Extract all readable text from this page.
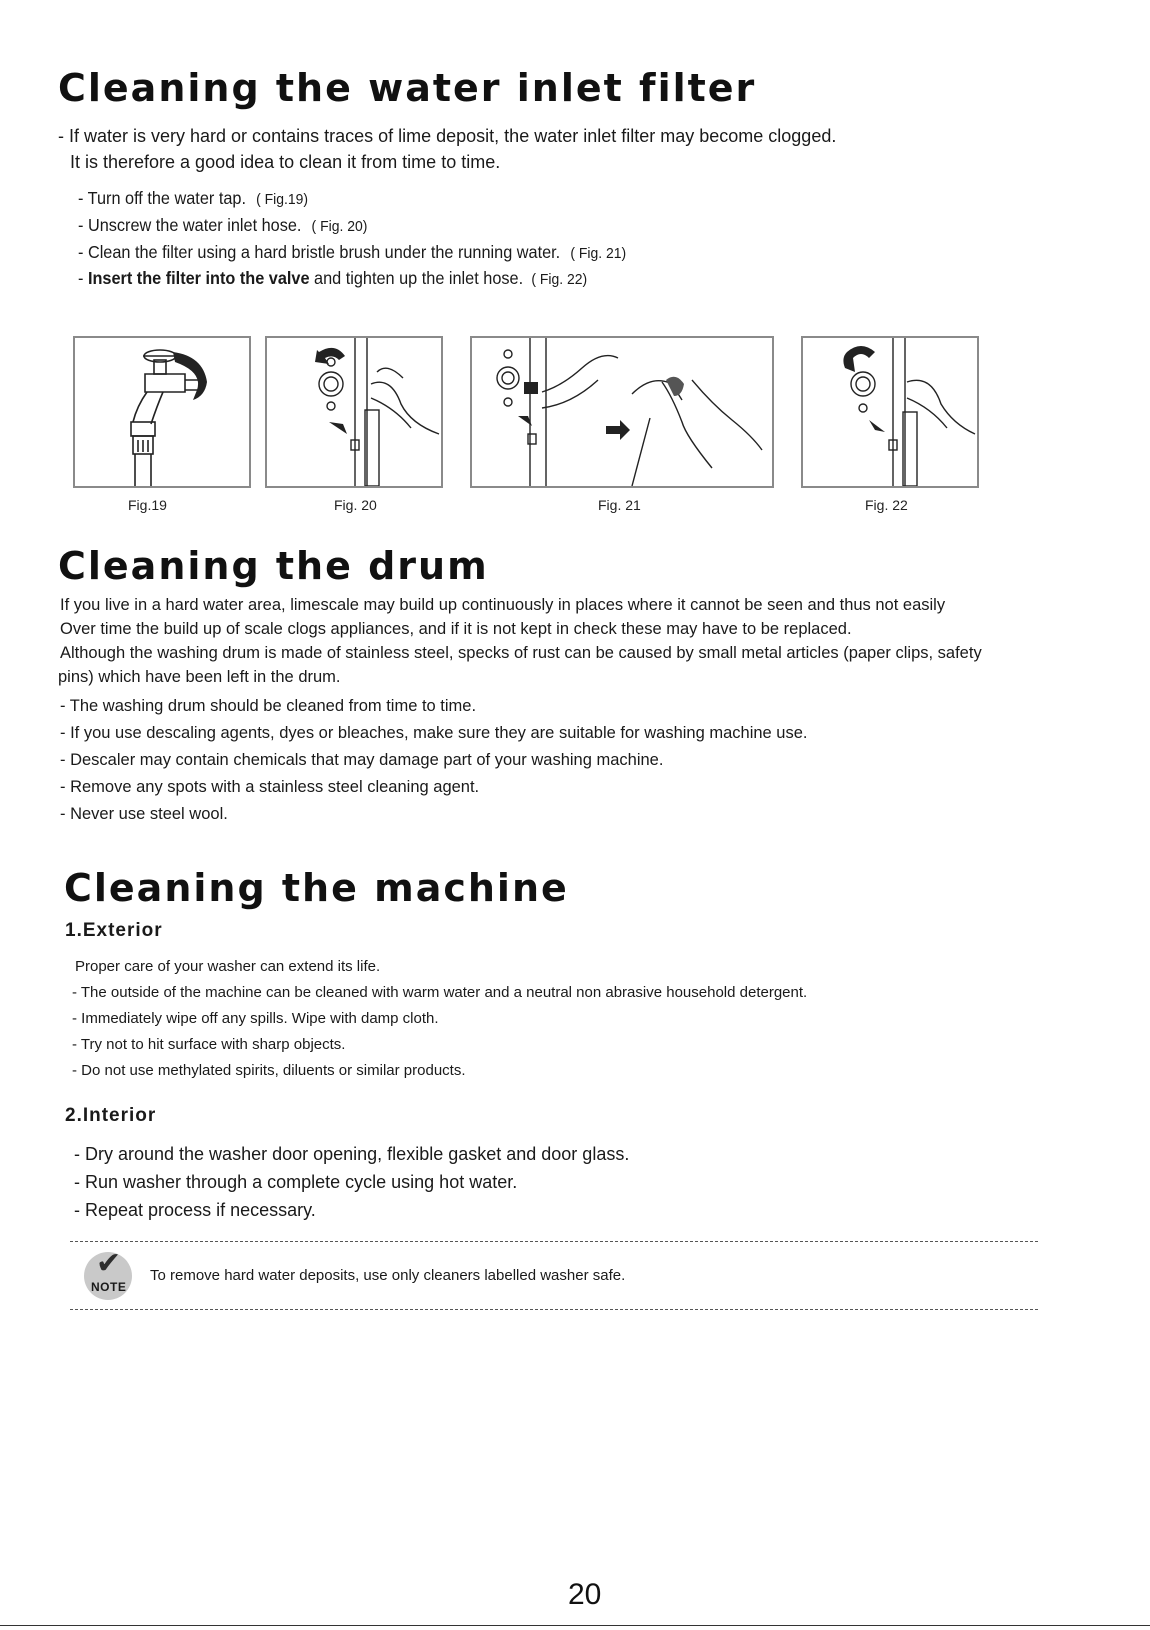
Cleaning the water inlet filter
- If water is very hard or contains traces of lime deposit, the water inlet filter may become clogged.
It is therefore a good idea to clean it from time to time.
- Turn off the water tap. ( Fig.19)
- Unscrew the water inlet hose. ( Fig. 20)
- Clean the filter using a hard bristle brush under the running water. ( Fig. 21)
- Insert the filter into the valve and tighten up the inlet hose. ( Fig. 22)
Fig.19	Fig. 20	Fig. 21	Fig. 22
Cleaning the drum
If you live in a hard water area, limescale may build up continuously in places where it cannot be seen and thus not easily
Over time the build up of scale clogs appliances, and if it is not kept in check these may have to be replaced.
Although the washing drum is made of stainless steel, specks of rust can be caused by small metal articles (paper clips, safety
pins) which have been left in the drum.
- The washing drum should be cleaned from time to time.
- If you use descaling agents, dyes or bleaches, make sure they are suitable for washing machine use.
- Descaler may contain chemicals that may damage part of your washing machine.
- Remove any spots with a stainless steel cleaning agent.
- Never use steel wool.
Cleaning the machine
1.Exterior
Proper care of your washer can extend its life.
- The outside of the machine can be cleaned with warm water and a neutral non abrasive household detergent.
- Immediately wipe off any spills. Wipe with damp cloth.
- Try not to hit surface with sharp objects.
- Do not use methylated spirits, diluents or similar products.
2.Interior
- Dry around the washer door opening, flexible gasket and door glass.
- Run washer through a complete cycle using hot water.
- Repeat process if necessary.
✔
NOTE
To remove hard water deposits, use only cleaners labelled washer safe.
20
